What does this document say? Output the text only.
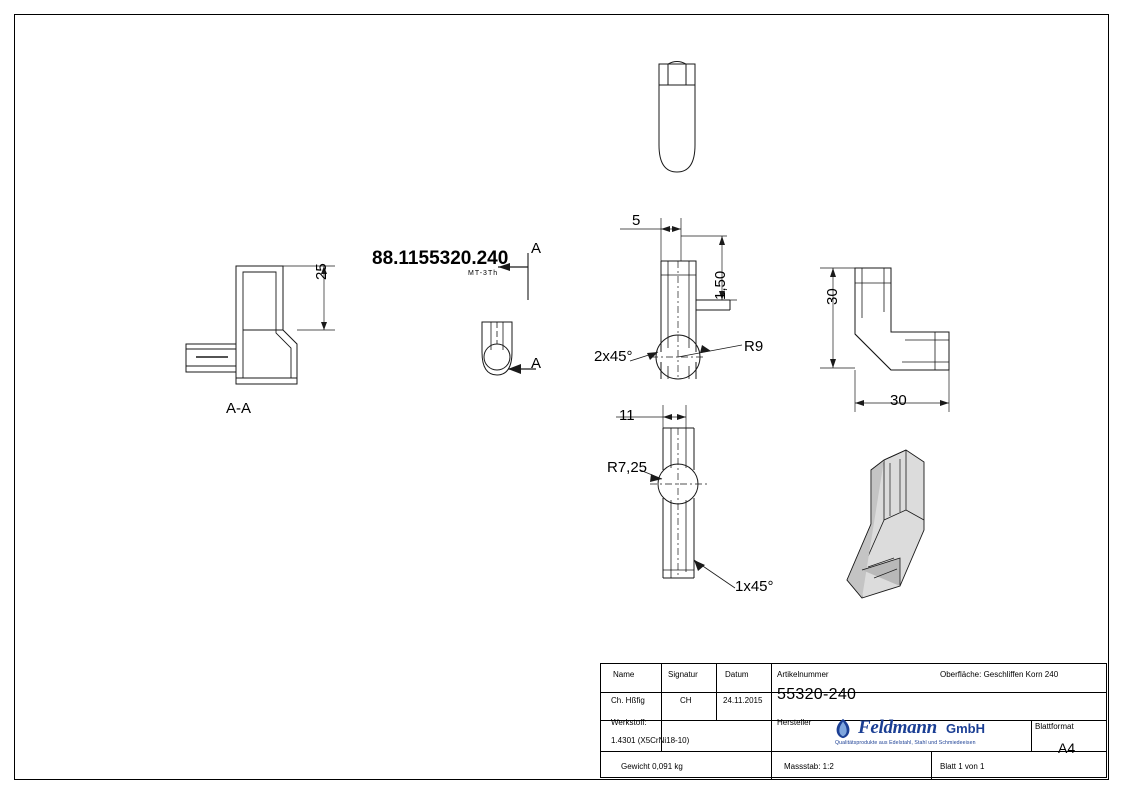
88.1155320.240
MT-3Th
A
A
A-A
25
5
1,50
2x45°
R9
11
R7,25
1x45°
30
30
Name	Signatur	Datum	Artikelnummer	Oberfläche: Geschliffen Korn 240
Ch. Hßfig	CH	24.11.2015 55320-240
Werkstoff:
1.4301 (X5CrNi18-10)
Hersteller	Blattformat
A4
Gewicht 0,091 kg	Massstab: 1:2	Blatt 1 von 1
Feldmann GmbH
Qualitätsprodukte aus Edelstahl, Stahl und Schmiedeeisen
